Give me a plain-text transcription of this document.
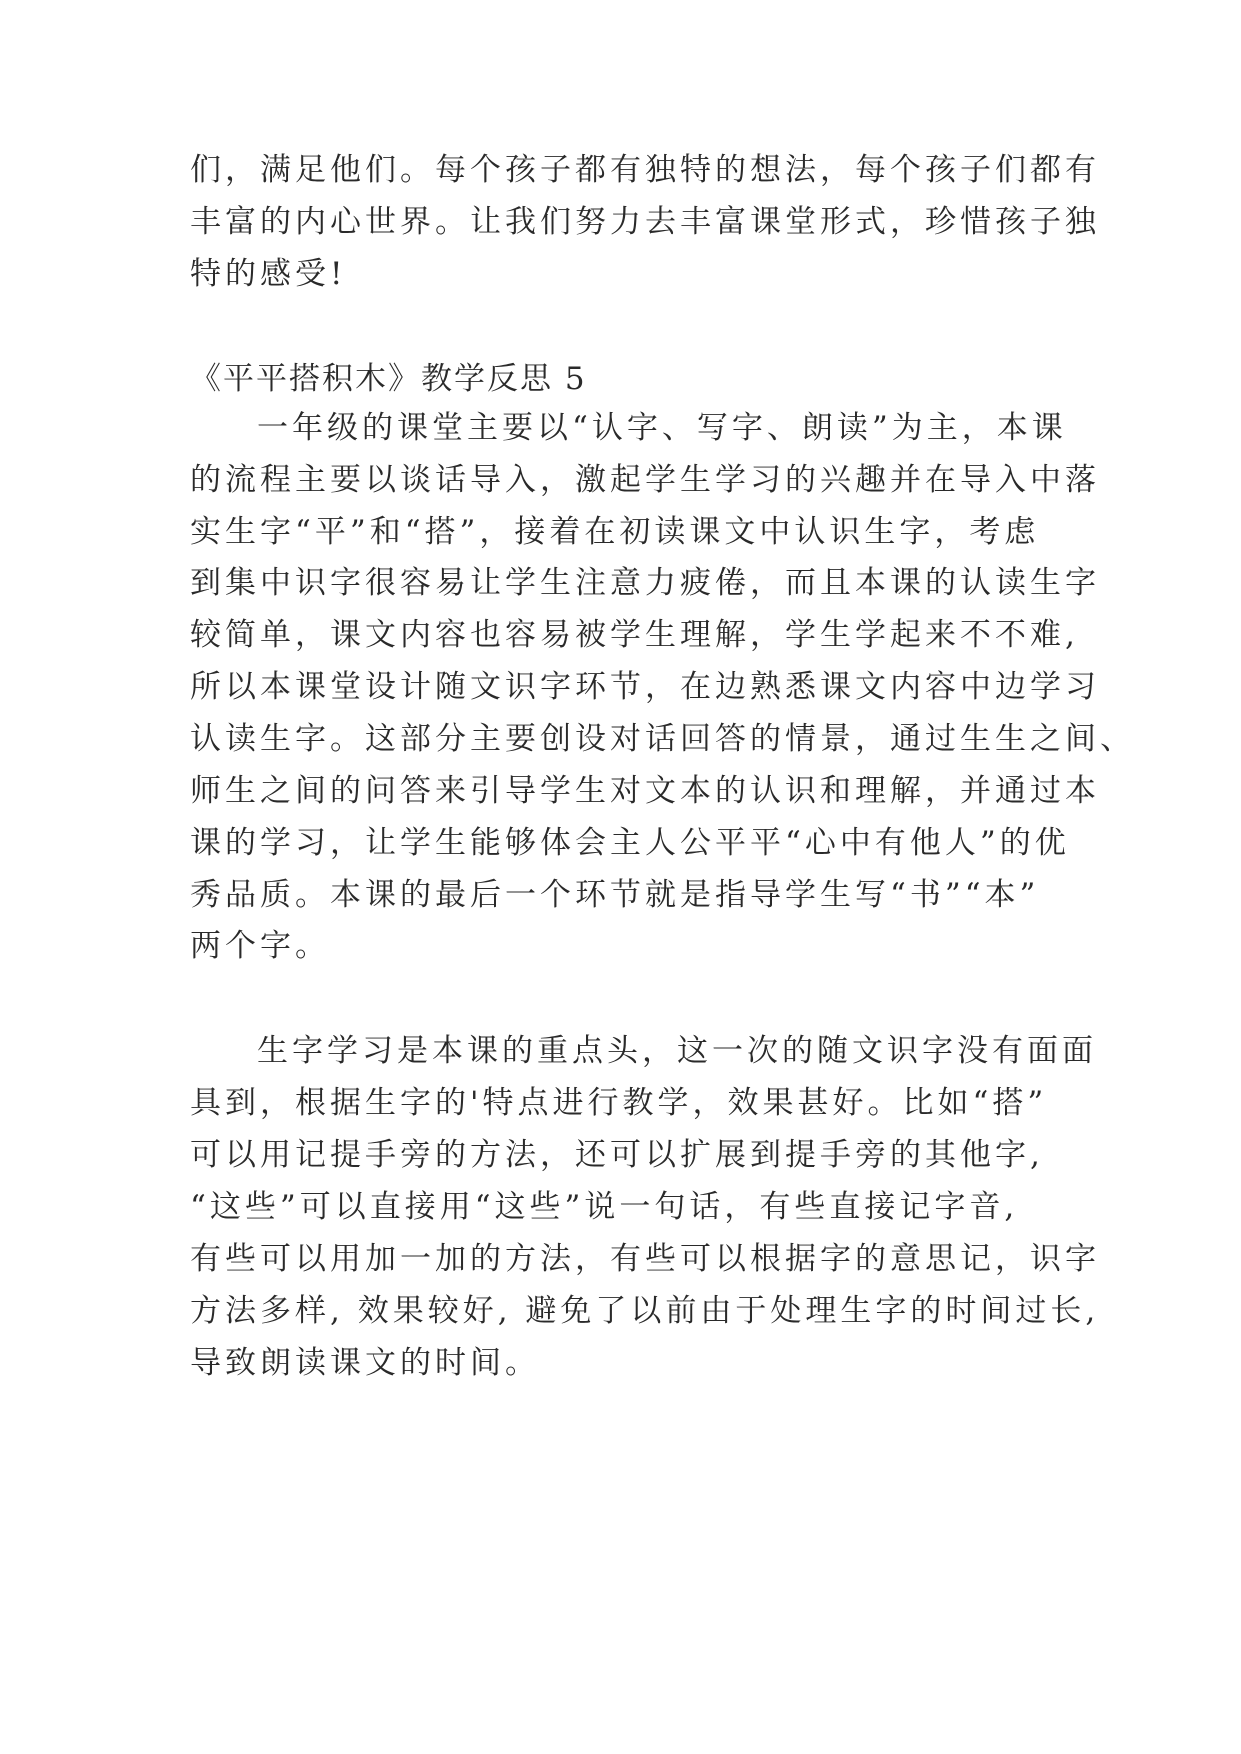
们，满足他们。每个孩子都有独特的想法，每个孩子们都有
丰富的内心世界。让我们努力去丰富课堂形式，珍惜孩子独
特的感受!
《平平搭积木》教学反思 5
一年级的课堂主要以“认字、写字、朗读”为主，本课
的流程主要以谈话导入，激起学生学习的兴趣并在导入中落
实生字“平”和“搭”，接着在初读课文中认识生字，考虑
到集中识字很容易让学生注意力疲倦，而且本课的认读生字
较简单，课文内容也容易被学生理解，学生学起来不不难,
所以本课堂设计随文识字环节，在边熟悉课文内容中边学习
认读生字。这部分主要创设对话回答的情景，通过生生之间、
师生之间的问答来引导学生对文本的认识和理解，并通过本
课的学习，让学生能够体会主人公平平“心中有他人”的优
秀品质。本课的最后一个环节就是指导学生写“书”“本”
两个字。
生字学习是本课的重点头，这一次的随文识字没有面面
具到，根据生字的'特点进行教学，效果甚好。比如“搭”
可以用记提手旁的方法，还可以扩展到提手旁的其他字,
“这些”可以直接用“这些”说一句话，有些直接记字音,
有些可以用加一加的方法，有些可以根据字的意思记，识字
方法多样, 效果较好, 避免了以前由于处理生字的时间过长,
导致朗读课文的时间。
